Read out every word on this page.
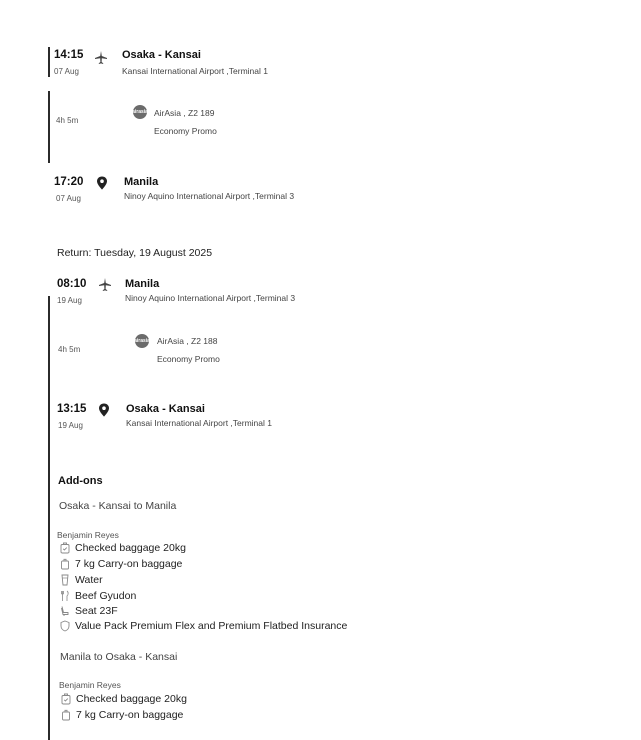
14:15
07 Aug
Osaka - Kansai
Kansai International Airport ,Terminal 1
4h 5m
airasia AirAsia , Z2 189
Economy Promo
17:20
07 Aug
Manila
Ninoy Aquino International Airport ,Terminal 3
Return: Tuesday, 19 August 2025
08:10
19 Aug
Manila
Ninoy Aquino International Airport ,Terminal 3
4h 5m
airasia AirAsia , Z2 188
Economy Promo
13:15
19 Aug
Osaka - Kansai
Kansai International Airport ,Terminal 1
Add-ons
Osaka - Kansai to Manila
Benjamin Reyes
Checked baggage 20kg
7 kg Carry-on baggage
Water
Beef Gyudon
Seat 23F
Value Pack Premium Flex and Premium Flatbed Insurance
Manila to Osaka - Kansai
Benjamin Reyes
Checked baggage 20kg
7 kg Carry-on baggage
